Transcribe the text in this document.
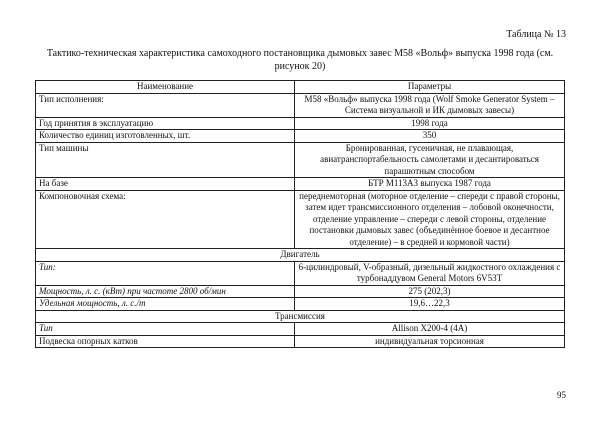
Таблица № 13
Тактико-техническая характеристика самоходного постановщика дымовых завес М58 «Вольф» выпуска 1998 года (см. рисунок 20)
Наименование	Параметры
Тип исполнения:	М58 «Вольф» выпуска 1998 года (Wolf Smoke Generator System – Система визуальной и ИК дымовых завесы)
Год принятия в эксплуатацию	1998 года
Количество единиц изготовленных, шт.	350
Тип машины	Бронированная, гусеничная, не плавающая, авиатранспортабельность самолетами и десантироваться парашютным способом
На базе	БТР М113А3 выпуска 1987 года
Компоновочная схема:	переднемоторная (моторное отделение – спереди с правой стороны, затем идет трансмиссионного отделения – лобовой оконечности, отделение управление – спереди с левой стороны, отделение постановки дымовых завес (объединённое боевое и десантное отделение) – в средней и кормовой части)
Двигатель	
Тип:	6-цилиндровый, V-образный, дизельный жидкостного охлаждения с турбонаддувом General Motors 6V53T
Мощность, л. с. (кВт) при частоте 2800 об/мин	275 (202,3)
Удельная мощность, л. с./т	19,6…22,3
Трансмиссия	
Тип	Allison X200-4 (4A)
Подвеска опорных катков	индивидуальная торсионная
95
